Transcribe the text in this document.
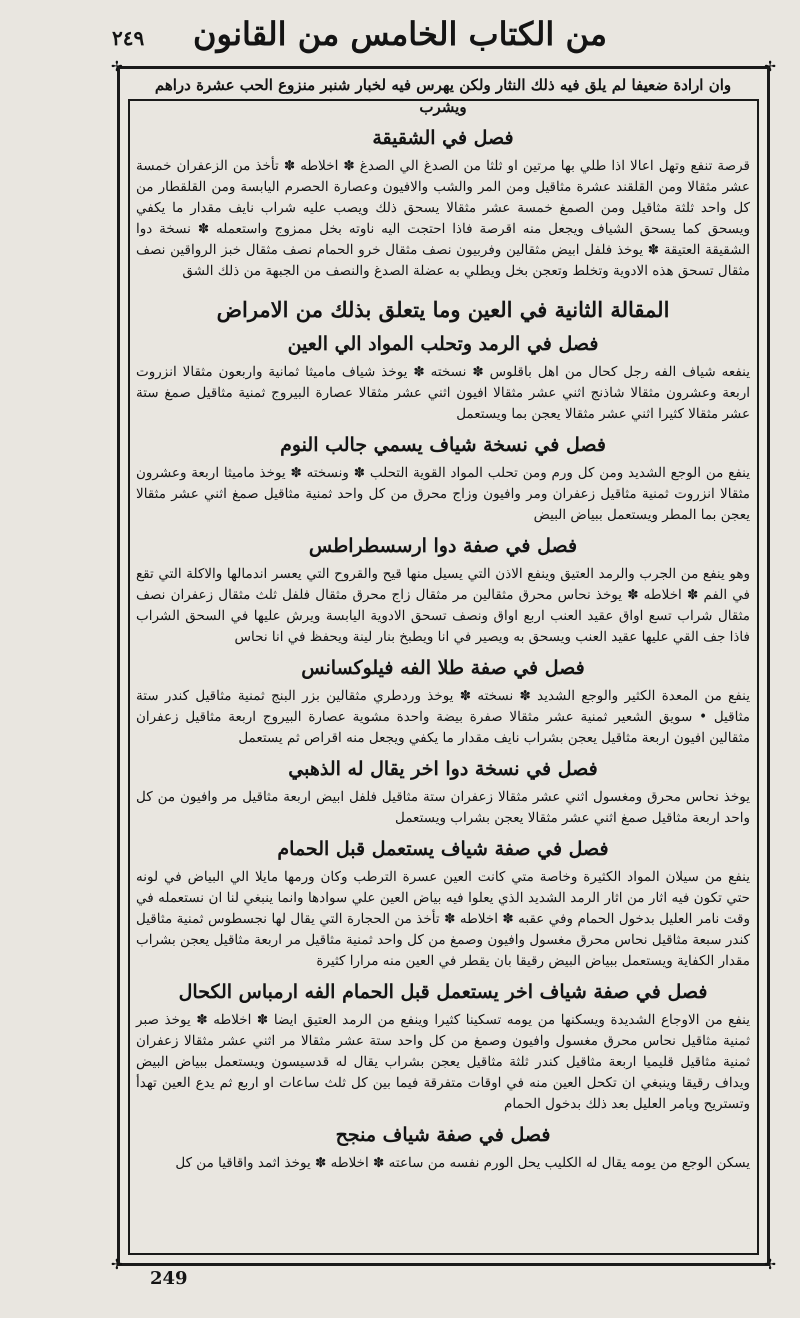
من الكتاب الخامس من القانون
٢٤٩
✢	✢
✢	✢
وان ارادة ضعيفا لم يلق فيه ذلك النثار ولكن يهرس فيه لخبار شنبر منزوع الحب عشرة دراهم ويشرب
فصل في الشقيقة

قرصة تنفع وتهل اعالا اذا طلي بها مرتين او ثلثا من الصدغ الي الصدغ ✽ اخلاطه ✽ تأخذ من الزعفران خمسة عشر مثقالا ومن القلقند عشرة مثاقيل ومن المر والشب والافيون وعصارة الحصرم اليابسة ومن القلقطار من كل واحد ثلثة مثاقيل ومن الصمغ خمسة عشر مثقالا يسحق ذلك ويصب عليه شراب نايف مقدار ما يكفي ويسحق كما يسحق الشياف ويجعل منه اقرصة فاذا احتجت اليه ناوته بخل ممزوج واستعمله ✽ نسخة دوا الشقيقة العتيقة ✽ يوخذ فلفل ابيض مثقالين وفربيون نصف مثقال خرو الحمام نصف مثقال خبز الرواقين نصف مثقال تسحق هذه الادوية وتخلط وتعجن بخل ويطلي به عضلة الصدغ والنصف من الجبهة من ذلك الشق

المقالة الثانية في العين وما يتعلق بذلك من الامراض
فصل في الرمد وتحلب المواد الي العين

ينفعه شياف الفه رجل كحال من اهل باقلوس ✽ نسخته ✽ يوخذ شياف ماميثا ثمانية واربعون مثقالا انزروت اربعة وعشرون مثقالا شاذنج اثني عشر مثقالا افيون اثني عشر مثقالا عصارة البيروج ثمنية مثاقيل صمغ ستة عشر مثقالا كثيرا اثني عشر مثقالا يعجن بما ويستعمل

فصل في نسخة شياف يسمي جالب النوم

ينفع من الوجع الشديد ومن كل ورم ومن تحلب المواد القوية التحلب ✽ ونسخته ✽ يوخذ ماميثا اربعة وعشرون مثقالا انزروت ثمنية مثاقيل زعفران ومر وافيون وزاج محرق من كل واحد ثمنية مثاقيل صمغ اثني عشر مثقالا يعجن بما المطر ويستعمل ببياض البيض

فصل في صفة دوا ارسسطراطس

وهو ينفع من الجرب والرمد العتيق وينفع الاذن التي يسيل منها قيح والقروح التي يعسر اندمالها والاكلة التي تقع في الفم ✽ اخلاطه ✽ يوخذ نحاس محرق مثقالين مر مثقال زاج محرق مثقال فلفل ثلث مثقال زعفران نصف مثقال شراب تسع اواق عقيد العنب اربع اواق ونصف تسحق الادوية اليابسة ويرش عليها في السحق الشراب فاذا جف القي عليها عقيد العنب ويسحق به ويصير في انا ويطبخ بنار لينة ويحفظ في انا نحاس

فصل في صفة طلا الفه فيلوكسانس

ينفع من المعدة الكثير والوجع الشديد ✽ نسخته ✽ يوخذ وردطري مثقالين بزر البنج ثمنية مثاقيل كندر ستة مثاقيل • سويق الشعير ثمنية عشر مثقالا صفرة بيضة واحدة مشوية عصارة البيروج اربعة مثاقيل زعفران مثقالين افيون اربعة مثاقيل يعجن بشراب نايف مقدار ما يكفي ويجعل منه اقراص ثم يستعمل

فصل في نسخة دوا اخر يقال له الذهبي

يوخذ نحاس محرق ومغسول اثني عشر مثقالا زعفران ستة مثاقيل فلفل ابيض اربعة مثاقيل مر وافيون من كل واحد اربعة مثاقيل صمغ اثني عشر مثقالا يعجن بشراب ويستعمل

فصل في صفة شياف يستعمل قبل الحمام

ينفع من سيلان المواد الكثيرة وخاصة متي كانت العين عسرة الترطب وكان ورمها مايلا الي البياض في لونه حتي تكون فيه اثار من اثار الرمد الشديد الذي يعلوا فيه بياض العين علي سوادها وانما ينبغي لنا ان نستعمله في وقت نامر العليل بدخول الحمام وفي عقبه ✽ اخلاطه ✽ تأخذ من الحجارة التي يقال لها نجسطوس ثمنية مثاقيل كندر سبعة مثاقيل نحاس محرق مغسول وافيون وصمغ من كل واحد ثمنية مثاقيل مر اربعة مثاقيل يعجن بشراب مقدار الكفاية ويستعمل ببياض البيض رقيقا بان يقطر في العين منه مرارا كثيرة

فصل في صفة شياف اخر يستعمل قبل الحمام الفه ارمباس الكحال

ينفع من الاوجاع الشديدة ويسكنها من يومه تسكينا كثيرا وينفع من الرمد العتيق ايضا ✽ اخلاطه ✽ يوخذ صبر ثمنية مثاقيل نحاس محرق مغسول وافيون وصمغ من كل واحد ستة عشر مثقالا مر اثني عشر مثقالا زعفران ثمنية مثاقيل قليميا اربعة مثاقيل كندر ثلثة مثاقيل يعجن بشراب يقال له قدسيسون ويستعمل ببياض البيض ويداف رقيقا وينبغي ان تكحل العين منه في اوقات متفرقة فيما بين كل ثلث ساعات او اربع ثم يدع العين تهدأ وتستريح ويامر العليل بعد ذلك بدخول الحمام

فصل في صفة شياف منجح

يسكن الوجع من يومه يقال له الكليب يحل الورم نفسه من ساعته ✽ اخلاطه ✽ يوخذ اثمد واقاقيا من كل

249
